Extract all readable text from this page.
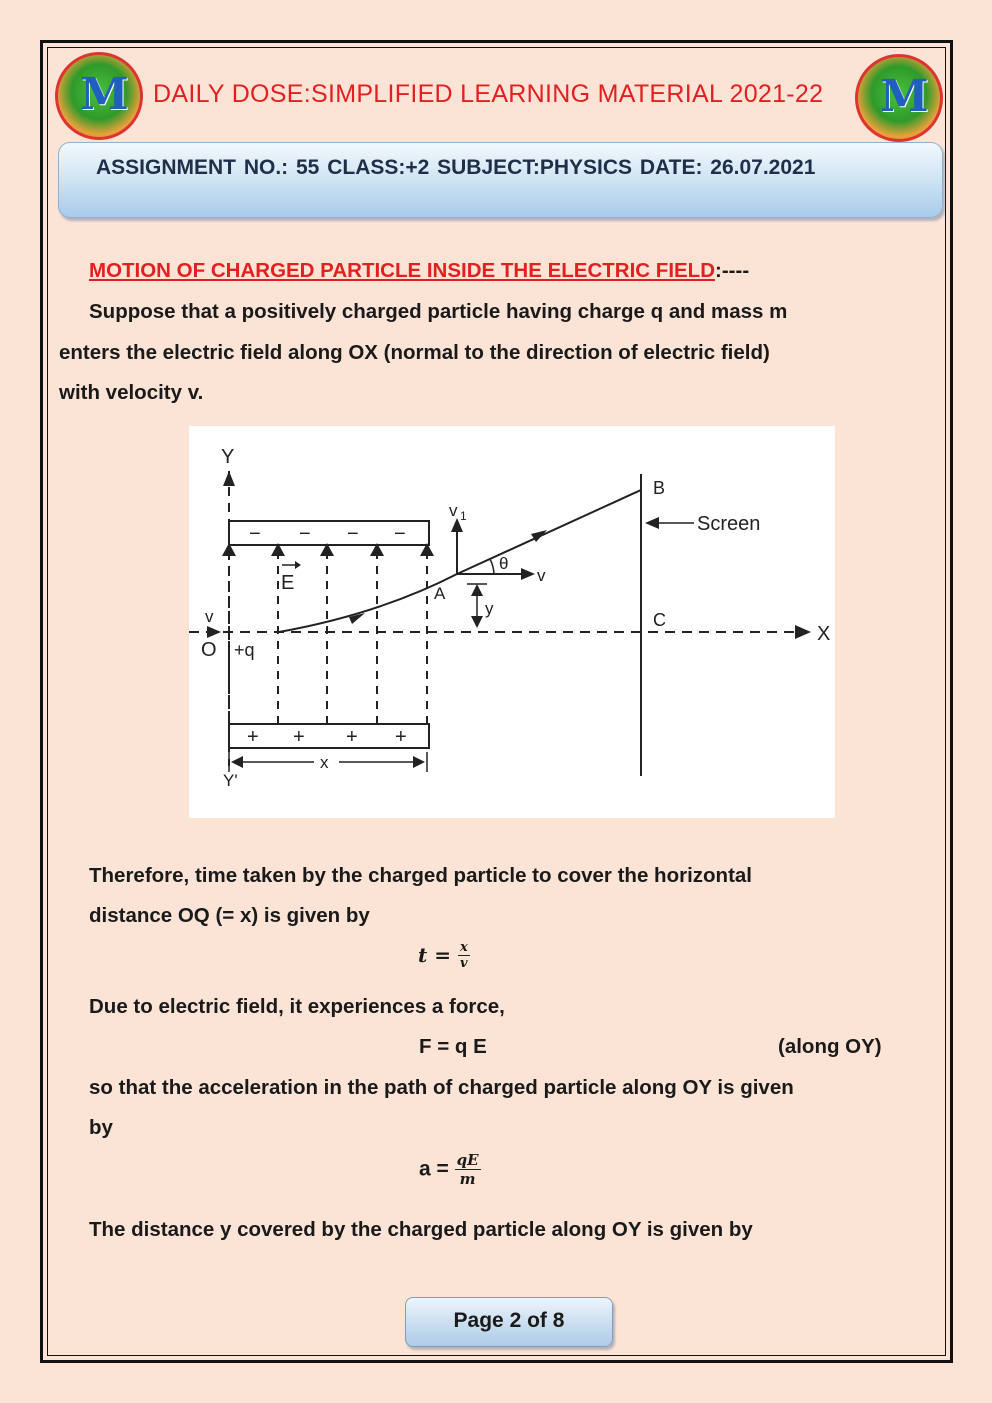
M DAILY DOSE:SIMPLIFIED LEARNING MATERIAL 2021-22	M
ASSIGNMENT NO.: 55 CLASS:+2 SUBJECT:PHYSICS DATE: 26.07.2021
MOTION OF CHARGED PARTICLE INSIDE THE ELECTRIC FIELD:----
Suppose that a positively charged particle having charge q and mass m
enters the electric field along OX (normal to the direction of electric field)
with velocity v.
Y
Y'
− − − −
+ + + +
E
X
v
O +q
A
v 1
v
θ
y
B
C
Screen
x
Therefore, time taken by the charged particle to cover the horizontal
distance OQ (= x) is given by
$t = \frac{x}{v}$
Due to electric field, it experiences a force,
F = q E	(along OY)
so that the acceleration in the path of charged particle along OY is given
by
$a = \frac{qE}{m}$
The distance y covered by the charged particle along OY is given by
Page 2 of 8
